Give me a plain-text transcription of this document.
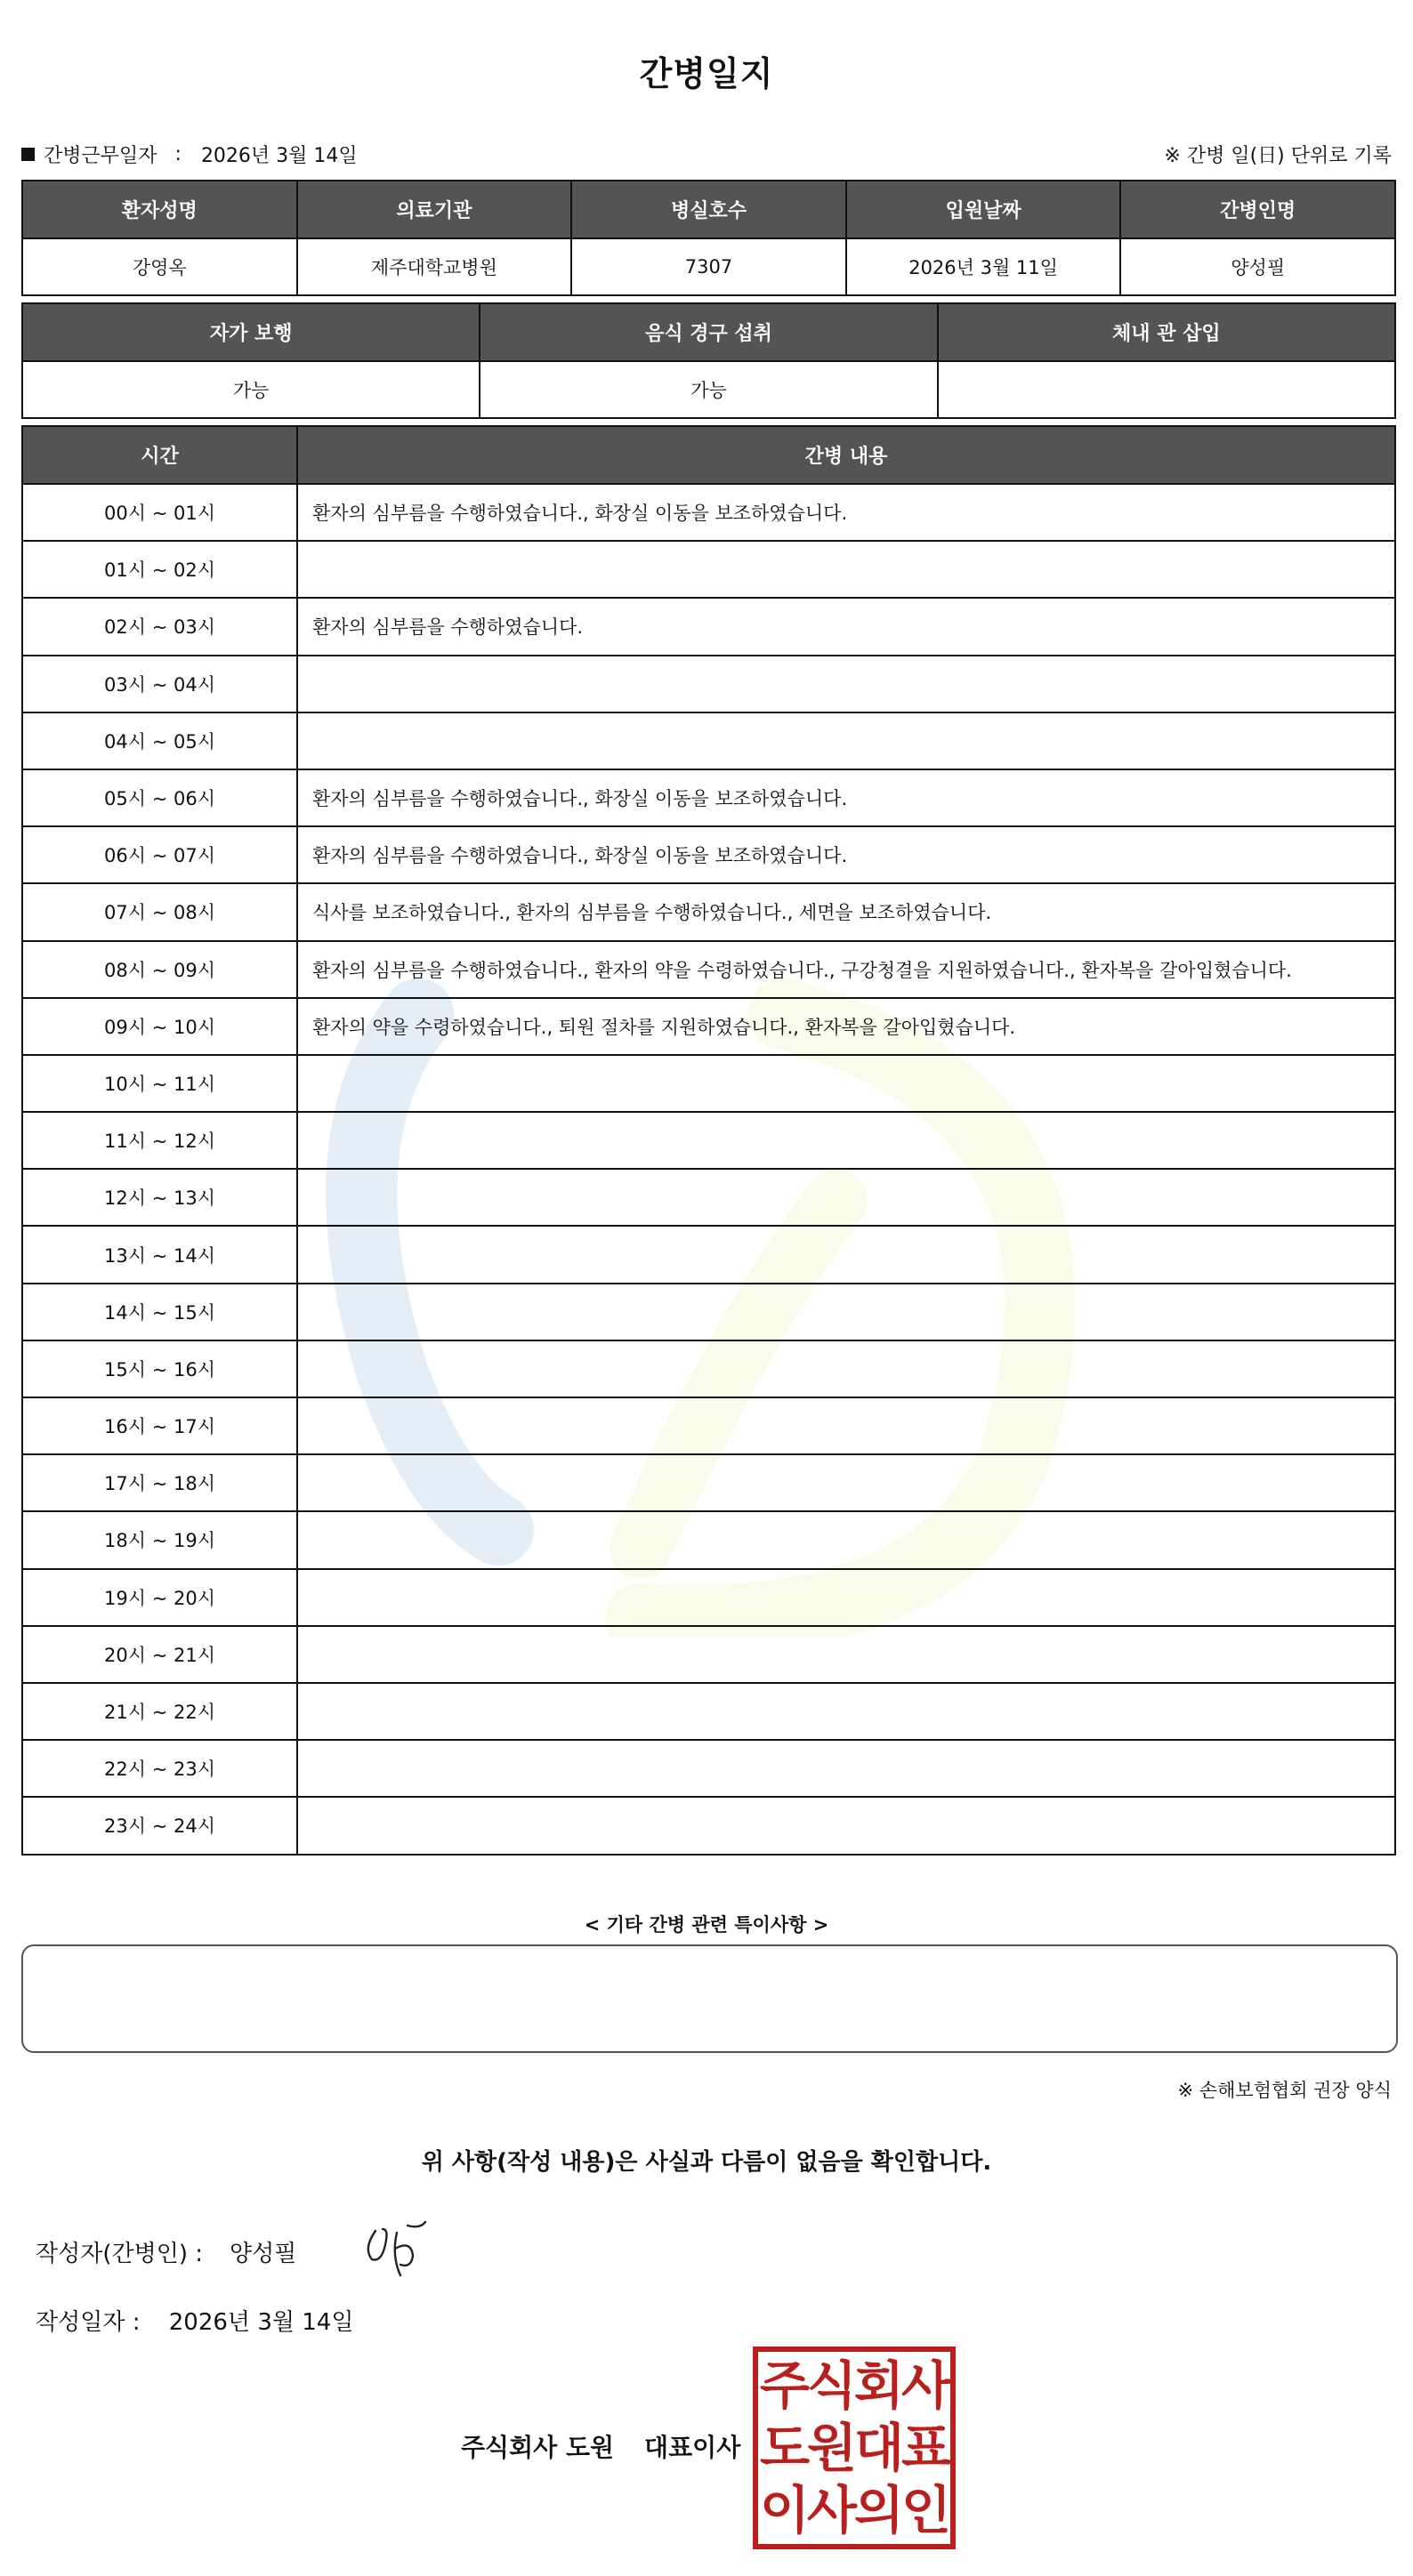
간병일지
간병근무일자 : 2026년 3월 14일	※ 간병 일(日) 단위로 기록
환자성명	의료기관	병실호수	입원날짜	간병인명
강영옥	제주대학교병원	7307	2026년 3월 11일	양성필
자가 보행	음식 경구 섭취	체내 관 삽입
가능	가능	
시간	간병 내용
00시 ~ 01시	환자의 심부름을 수행하였습니다., 화장실 이동을 보조하였습니다.
01시 ~ 02시	
02시 ~ 03시	환자의 심부름을 수행하였습니다.
03시 ~ 04시	
04시 ~ 05시	
05시 ~ 06시	환자의 심부름을 수행하였습니다., 화장실 이동을 보조하였습니다.
06시 ~ 07시	환자의 심부름을 수행하였습니다., 화장실 이동을 보조하였습니다.
07시 ~ 08시	식사를 보조하였습니다., 환자의 심부름을 수행하였습니다., 세면을 보조하였습니다.
08시 ~ 09시	환자의 심부름을 수행하였습니다., 환자의 약을 수령하였습니다., 구강청결을 지원하였습니다., 환자복을 갈아입혔습니다.
09시 ~ 10시	환자의 약을 수령하였습니다., 퇴원 절차를 지원하였습니다., 환자복을 갈아입혔습니다.
10시 ~ 11시	
11시 ~ 12시	
12시 ~ 13시	
13시 ~ 14시	
14시 ~ 15시	
15시 ~ 16시	
16시 ~ 17시	
17시 ~ 18시	
18시 ~ 19시	
19시 ~ 20시	
20시 ~ 21시	
21시 ~ 22시	
22시 ~ 23시	
23시 ~ 24시	
< 기타 간병 관련 특이사항 >
※ 손해보험협회 권장 양식
위 사항(작성 내용)은 사실과 다름이 없음을 확인합니다.
작성자(간병인) : 양성필
작성일자 : 2026년 3월 14일
주식회사 도원 대표이사
주식회사
도원대표
이사의인
